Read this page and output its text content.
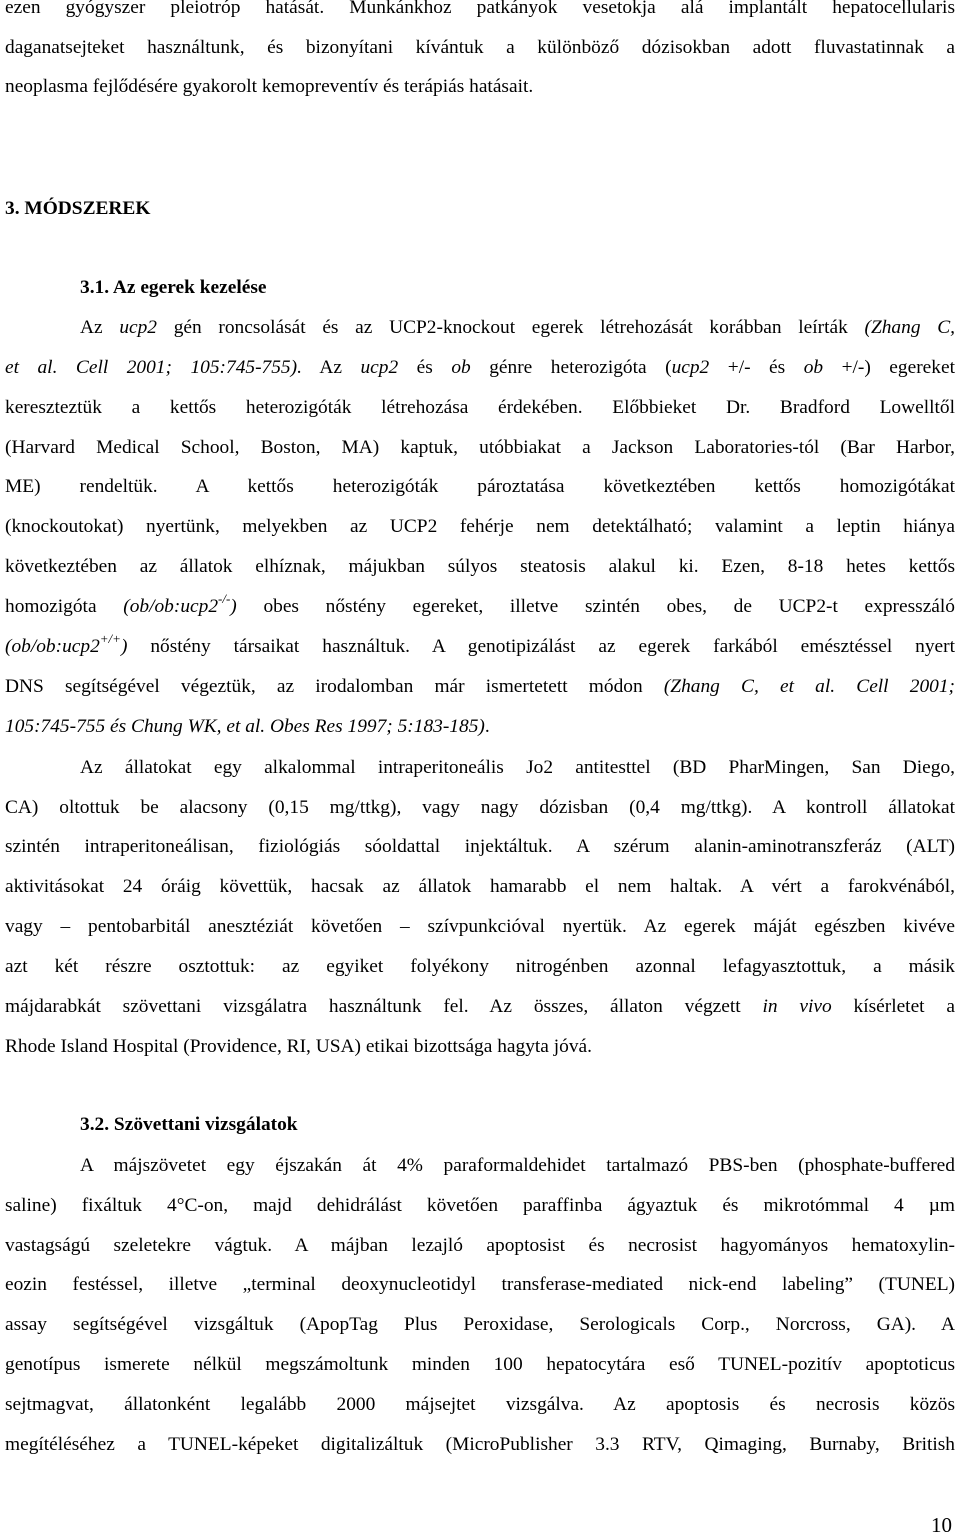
ezen gyógyszer pleiotróp hatását. Munkánkhoz patkányok vesetokja alá implantált hepatocellularis
daganatsejteket használtunk, és bizonyítani kívántuk a különböző dózisokban adott fluvastatinnak a
neoplasma fejlődésére gyakorolt kemopreventív és terápiás hatásait.
3. MÓDSZEREK
3.1. Az egerek kezelése
Az ucp2 gén roncsolását és az UCP2-knockout egerek létrehozását korábban leírták (Zhang C,
et al. Cell 2001; 105:745-755). Az ucp2 és ob génre heterozigóta (ucp2 +/- és ob +/-) egereket
kereszteztük a kettős heterozigóták létrehozása érdekében. Előbbieket Dr. Bradford Lowelltől
(Harvard Medical School, Boston, MA) kaptuk, utóbbiakat a Jackson Laboratories-tól (Bar Harbor,
ME) rendeltük. A kettős heterozigóták pároztatása következtében kettős homozigótákat
(knockoutokat) nyertünk, melyekben az UCP2 fehérje nem detektálható; valamint a leptin hiánya
következtében az állatok elhíznak, májukban súlyos steatosis alakul ki. Ezen, 8-18 hetes kettős
homozigóta (ob/ob:ucp2-/-) obes nőstény egereket, illetve szintén obes, de UCP2-t expresszáló
(ob/ob:ucp2+/+) nőstény társaikat használtuk. A genotipizálást az egerek farkából emésztéssel nyert
DNS segítségével végeztük, az irodalomban már ismertetett módon (Zhang C, et al. Cell 2001;
105:745-755 és Chung WK, et al. Obes Res 1997; 5:183-185).
Az állatokat egy alkalommal intraperitoneális Jo2 antitesttel (BD PharMingen, San Diego,
CA) oltottuk be alacsony (0,15 mg/ttkg), vagy nagy dózisban (0,4 mg/ttkg). A kontroll állatokat
szintén intraperitoneálisan, fiziológiás sóoldattal injektáltuk. A szérum alanin-aminotranszferáz (ALT)
aktivitásokat 24 óráig követtük, hacsak az állatok hamarabb el nem haltak. A vért a farokvénából,
vagy – pentobarbitál anesztéziát követően – szívpunkcióval nyertük. Az egerek máját egészben kivéve
azt két részre osztottuk: az egyiket folyékony nitrogénben azonnal lefagyasztottuk, a másik
májdarabkát szövettani vizsgálatra használtunk fel. Az összes, állaton végzett in vivo kísérletet a
Rhode Island Hospital (Providence, RI, USA) etikai bizottsága hagyta jóvá.
3.2. Szövettani vizsgálatok
A májszövetet egy éjszakán át 4% paraformaldehidet tartalmazó PBS-ben (phosphate-buffered
saline) fixáltuk 4°C-on, majd dehidrálást követően paraffinba ágyaztuk és mikrotómmal 4 µm
vastagságú szeletekre vágtuk. A májban lezajló apoptosist és necrosist hagyományos hematoxylin-
eozin festéssel, illetve „terminal deoxynucleotidyl transferase-mediated nick-end labeling” (TUNEL)
assay segítségével vizsgáltuk (ApopTag Plus Peroxidase, Serologicals Corp., Norcross, GA). A
genotípus ismerete nélkül megszámoltunk minden 100 hepatocytára eső TUNEL-pozitív apoptoticus
sejtmagvat, állatonként legalább 2000 májsejtet vizsgálva. Az apoptosis és necrosis közös
megítéléséhez a TUNEL-képeket digitalizáltuk (MicroPublisher 3.3 RTV, Qimaging, Burnaby, British
10
